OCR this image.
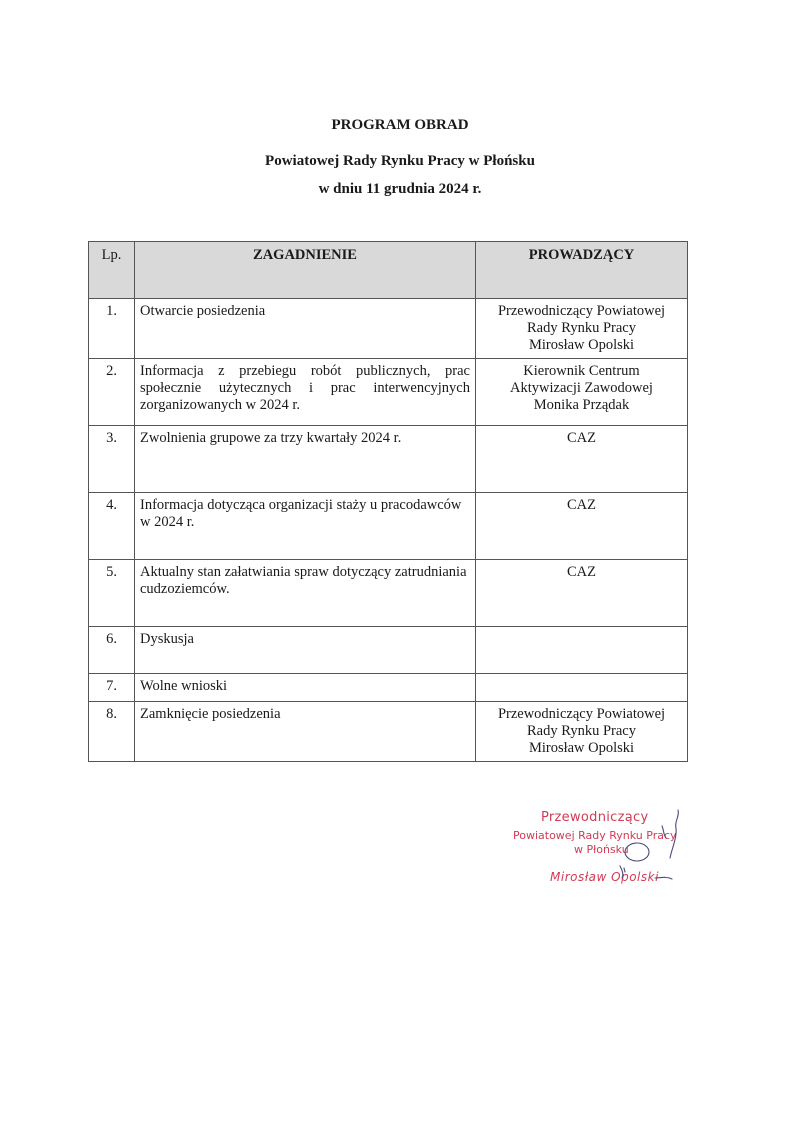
PROGRAM OBRAD
Powiatowej Rady Rynku Pracy w Płońsku
w dniu 11 grudnia 2024 r.
Lp.	ZAGADNIENIE	PROWADZĄCY
1.	Otwarcie posiedzenia	Przewodniczący Powiatowej
Rady Rynku Pracy
Mirosław Opolski

2.	Informacja z przebiegu robót publicznych, prac społecznie użytecznych i prac interwencyjnych zorganizowanych w 2024 r.	Kierownik Centrum
Aktywizacji Zawodowej
Monika Prządak

3.	Zwolnienia grupowe za trzy kwartały 2024 r.	CAZ

4.	Informacja dotycząca organizacji staży u pracodawców w 2024 r.	CAZ

5.	Aktualny stan załatwiania spraw dotyczący zatrudniania cudzoziemców.	CAZ

6.	Dyskusja	
7.	Wolne wnioski	
8.	Zamknięcie posiedzenia	Przewodniczący Powiatowej
Rady Rynku Pracy
Mirosław Opolski
Przewodniczący
Powiatowej Rady Rynku Pracy
w Płońsku
Mirosław Opolski
